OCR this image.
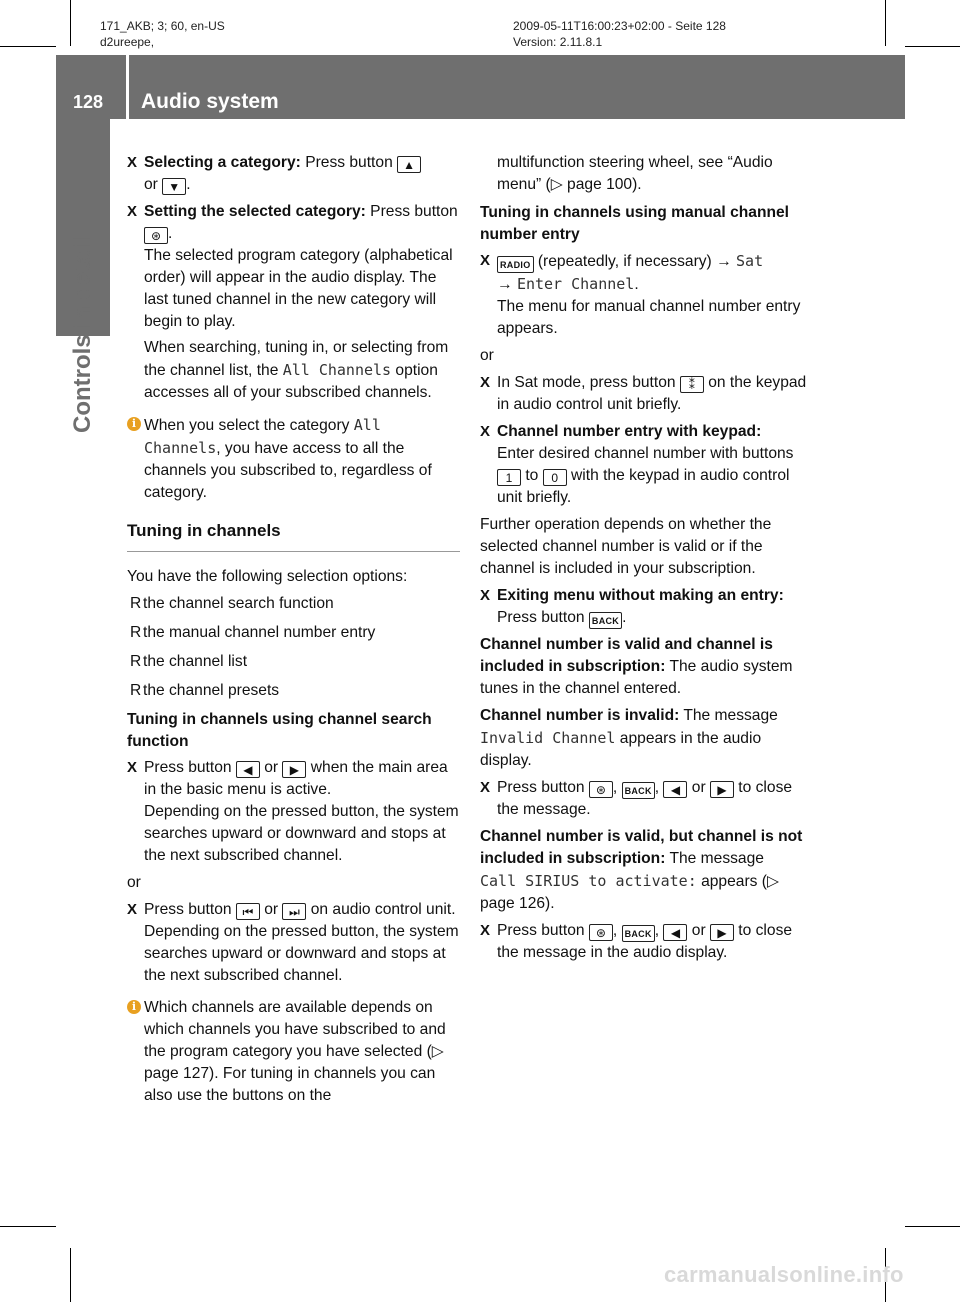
171_AKB; 3; 60, en-US
d2ureepe,
2009-05-11T16:00:23+02:00 - Seite 128
Version: 2.11.8.1
128 Audio system
Controls in detail
X Selecting a category: Press button ▲
or ▼ .

X Setting the selected category: Press button ⊛ .

The selected program category (alphabetical order) will appear in the audio display. The last tuned channel in the new category will begin to play.

When searching, tuning in, or selecting from the channel list, the All Channels option accesses all of your subscribed channels.

i When you select the category All Channels, you have access to all the channels you subscribed to, regardless of category.

Tuning in channels

You have the following selection options:

R the channel search function
R the manual channel number entry
R the channel list
R the channel presets

Tuning in channels using channel search function

X Press button ◀ or ▶ when the main area in the basic menu is active.

Depending on the pressed button, the system searches upward or downward and stops at the next subscribed channel.

or

X Press button ⏮ or ⏭ on audio control unit.

Depending on the pressed button, the system searches upward or downward and stops at the next subscribed channel.

i Which channels are available depends on which channels you have subscribed to and the program category you have selected (▷ page 127). For tuning in channels you can also use the buttons on the

multifunction steering wheel, see “Audio menu” (▷ page 100).

Tuning in channels using manual channel number entry

X	RADIO (repeatedly, if necessary) → Sat
→ Enter Channel.

The menu for manual channel number entry appears.

or

X In Sat mode, press button ⁑ on the keypad in audio control unit briefly.

X Channel number entry with keypad:

Enter desired channel number with buttons 1 to 0 with the keypad in audio control unit briefly.

Further operation depends on whether the selected channel number is valid or if the channel is included in your subscription.

X Exiting menu without making an entry:

Press button BACK .

Channel number is valid and channel is included in subscription: The audio system tunes in the channel entered.

Channel number is invalid: The message
Invalid Channel appears in the audio display.

X Press button ⊛ , BACK , ◀ or ▶ to close the message.

Channel number is valid, but channel is not included in subscription: The message
Call SIRIUS to activate: appears (▷ page 126).

X Press button ⊛ , BACK , ◀ or ▶ to close the message in the audio display.

carmanualsonline.info
